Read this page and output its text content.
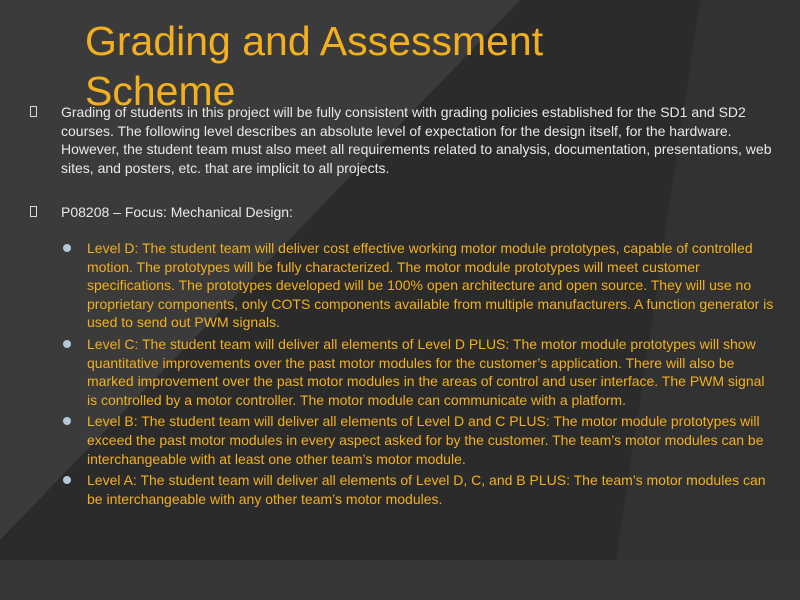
Grading and Assessment Scheme

Grading of students in this project will be fully consistent with grading policies established for the SD1 and SD2 courses. The following level describes an absolute level of expectation for the design itself, for the hardware. However, the student team must also meet all requirements related to analysis, documentation, presentations, web sites, and posters, etc. that are implicit to all projects.

P08208 – Focus: Mechanical Design:

Level D: The student team will deliver cost effective working motor module prototypes, capable of controlled motion. The prototypes will be fully characterized. The motor module prototypes will meet customer specifications. The prototypes developed will be 100% open architecture and open source. They will use no proprietary components, only COTS components available from multiple manufacturers. A function generator is used to send out PWM signals.
Level C: The student team will deliver all elements of Level D PLUS: The motor module prototypes will show quantitative improvements over the past motor modules for the customer’s application. There will also be marked improvement over the past motor modules in the areas of control and user interface. The PWM signal is controlled by a motor controller. The motor module can communicate with a platform.
Level B: The student team will deliver all elements of Level D and C PLUS: The motor module prototypes will exceed the past motor modules in every aspect asked for by the customer. The team’s motor modules can be interchangeable with at least one other team’s motor module.
Level A: The student team will deliver all elements of Level D, C, and B PLUS: The team’s motor modules can be interchangeable with any other team’s motor modules.
